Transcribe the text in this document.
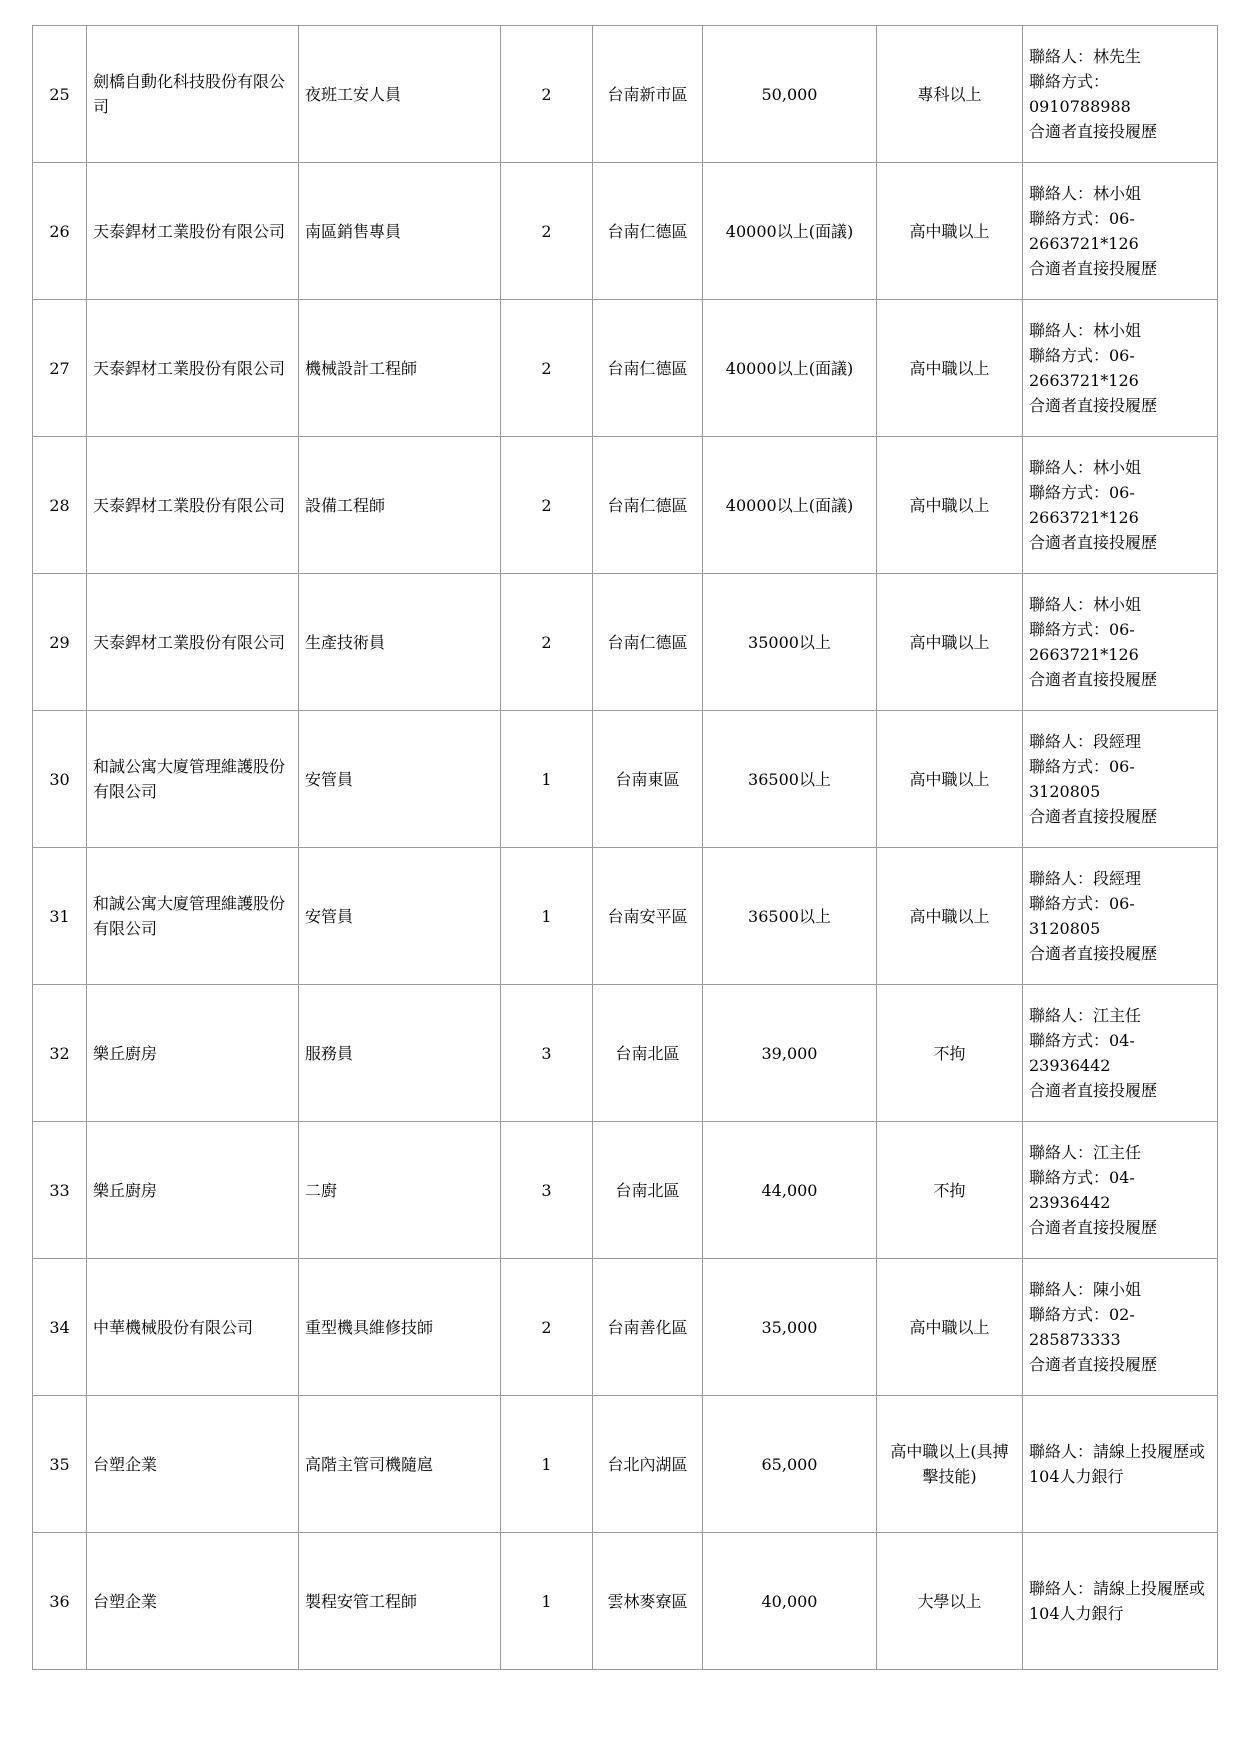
25	劍橋自動化科技股份有限公司	夜班工安人員	2	台南新市區	50,000	專科以上	聯絡人：林先生
聯絡方式：
0910788988
合適者直接投履歷
26	天泰銲材工業股份有限公司	南區銷售專員	2	台南仁德區	40000以上(面議)	高中職以上	聯絡人：林小姐
聯絡方式：06-
2663721*126
合適者直接投履歷
27	天泰銲材工業股份有限公司	機械設計工程師	2	台南仁德區	40000以上(面議)	高中職以上	聯絡人：林小姐
聯絡方式：06-
2663721*126
合適者直接投履歷
28	天泰銲材工業股份有限公司	設備工程師	2	台南仁德區	40000以上(面議)	高中職以上	聯絡人：林小姐
聯絡方式：06-
2663721*126
合適者直接投履歷
29	天泰銲材工業股份有限公司	生產技術員	2	台南仁德區	35000以上	高中職以上	聯絡人：林小姐
聯絡方式：06-
2663721*126
合適者直接投履歷
30	和誠公寓大廈管理維護股份有限公司	安管員	1	台南東區	36500以上	高中職以上	聯絡人：段經理
聯絡方式：06-
3120805
合適者直接投履歷
31	和誠公寓大廈管理維護股份有限公司	安管員	1	台南安平區	36500以上	高中職以上	聯絡人：段經理
聯絡方式：06-
3120805
合適者直接投履歷
32	樂丘廚房	服務員	3	台南北區	39,000	不拘	聯絡人：江主任
聯絡方式：04-
23936442
合適者直接投履歷
33	樂丘廚房	二廚	3	台南北區	44,000	不拘	聯絡人：江主任
聯絡方式：04-
23936442
合適者直接投履歷
34	中華機械股份有限公司	重型機具維修技師	2	台南善化區	35,000	高中職以上	聯絡人：陳小姐
聯絡方式：02-
285873333
合適者直接投履歷
35	台塑企業	高階主管司機隨扈	1	台北內湖區	65,000	高中職以上(具搏擊技能)	聯絡人：請線上投履歷或104人力銀行
36	台塑企業	製程安管工程師	1	雲林麥寮區	40,000	大學以上	聯絡人：請線上投履歷或104人力銀行
